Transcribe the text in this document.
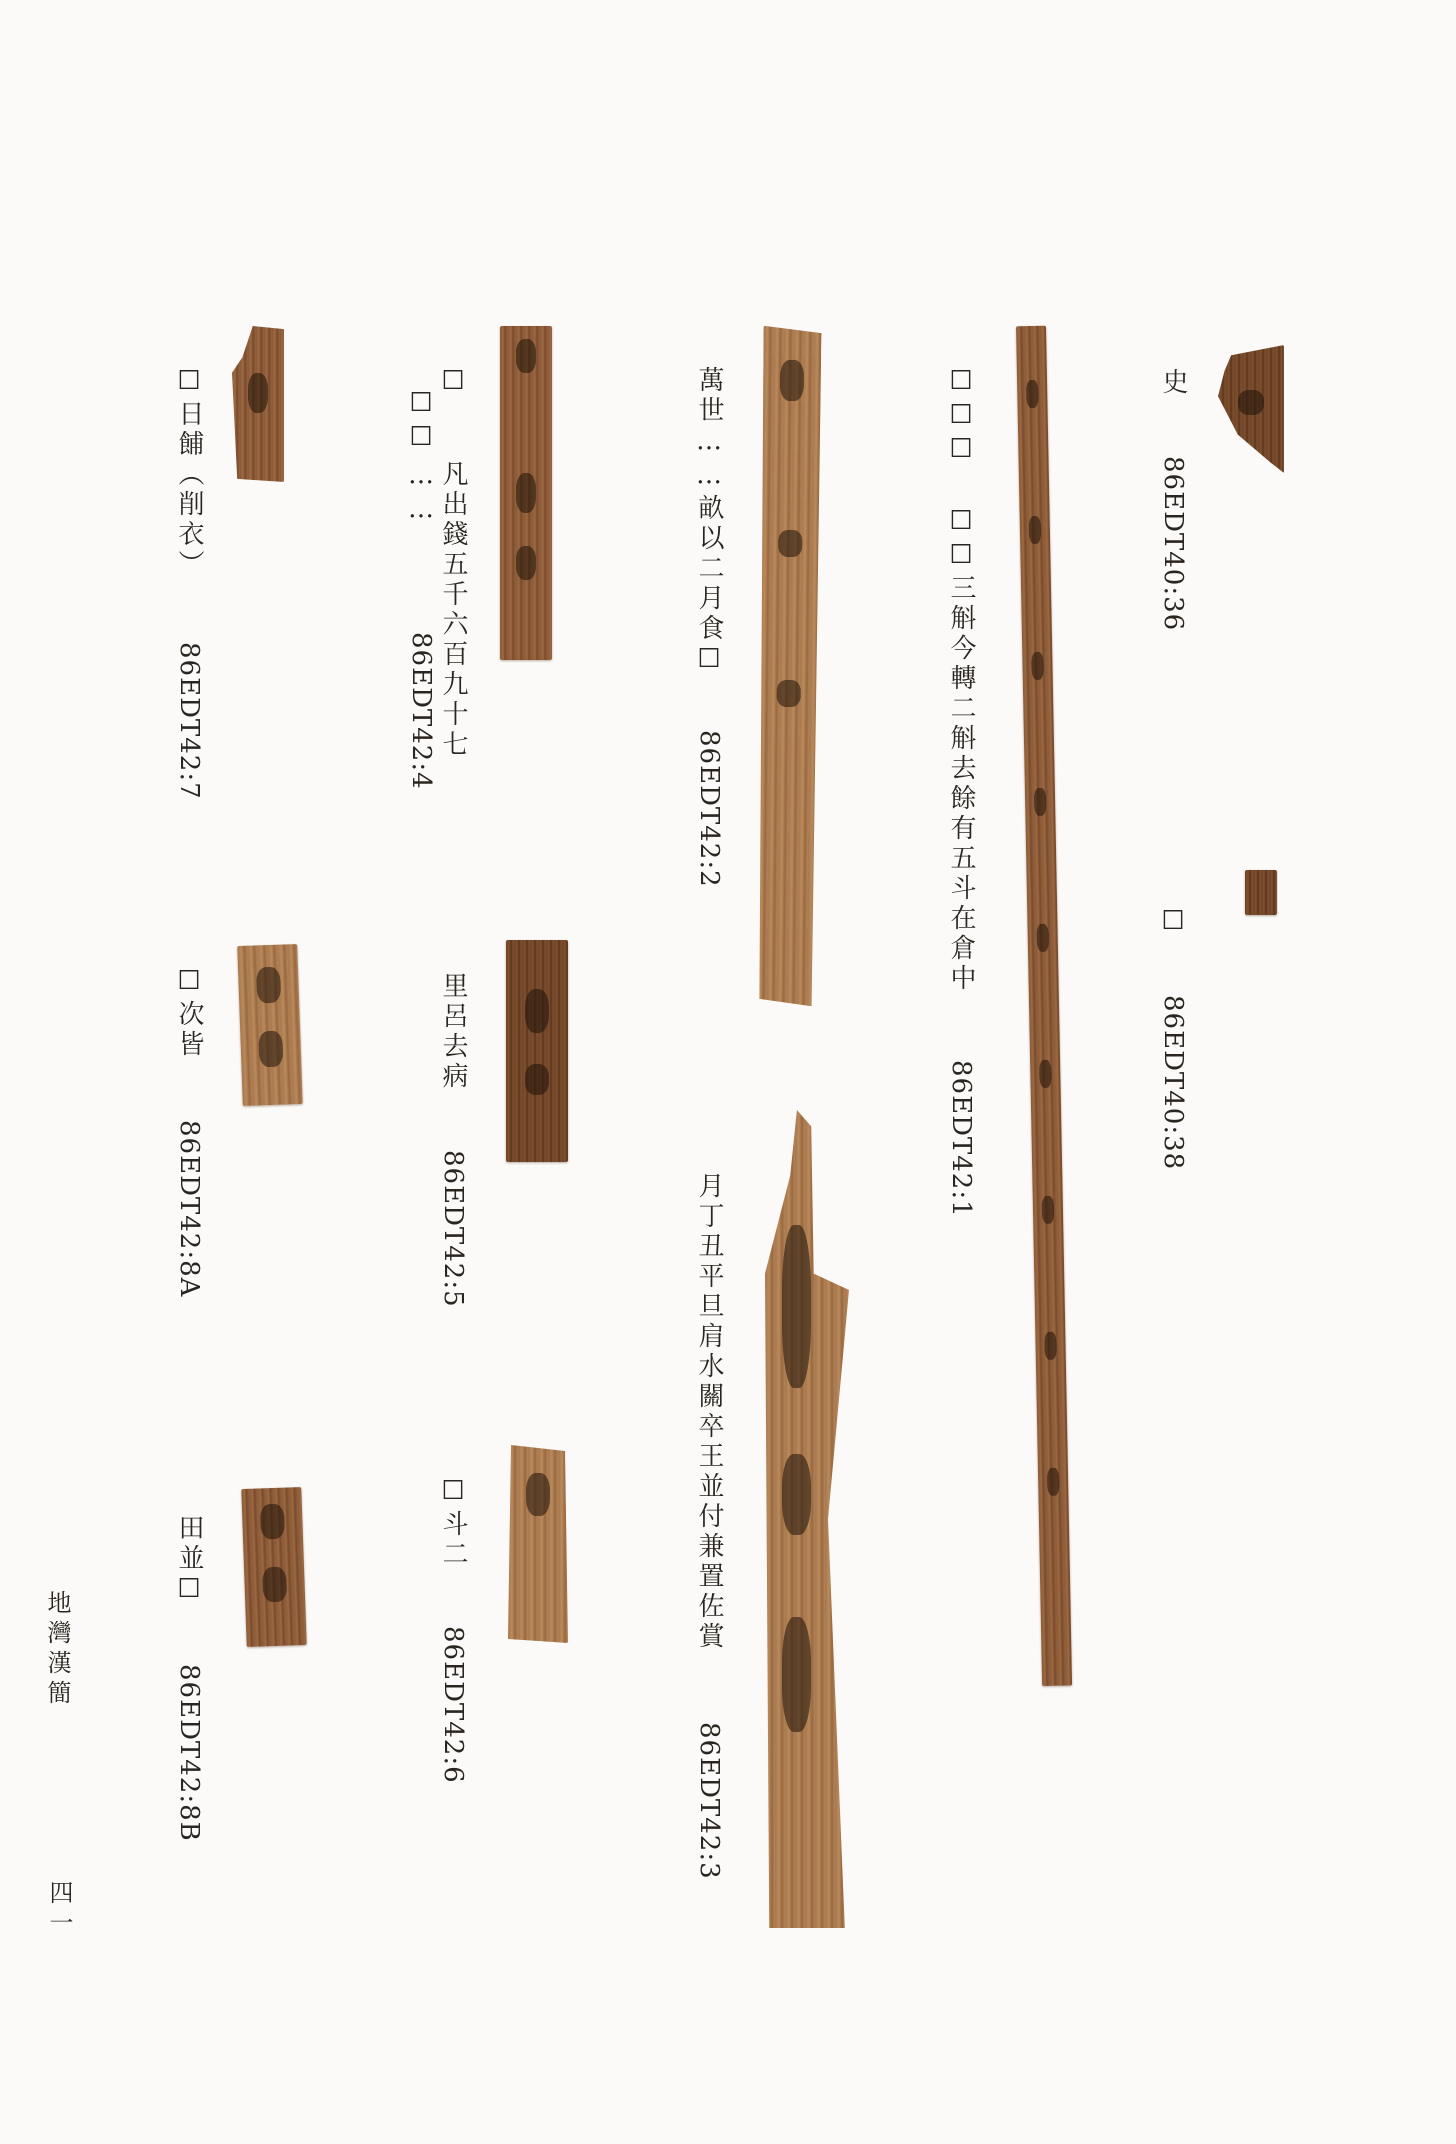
史
86EDT40:36
☐
86EDT40:38
☐☐☐
☐☐三斛今轉二斛去餘有五斗在倉中
86EDT42:1
萬世……畝以二月食☐
86EDT42:2
月丁丑平旦肩水關卒王並付兼置佐賞
86EDT42:3
☐
☐☐
凡出錢五千六百九十七
……
86EDT42:4
里呂去病
86EDT42:5
☐斗二
86EDT42:6
☐日餔（削衣）
86EDT42:7
☐次皆
86EDT42:8A
田並☐
86EDT42:8B
地灣漢簡
四一
